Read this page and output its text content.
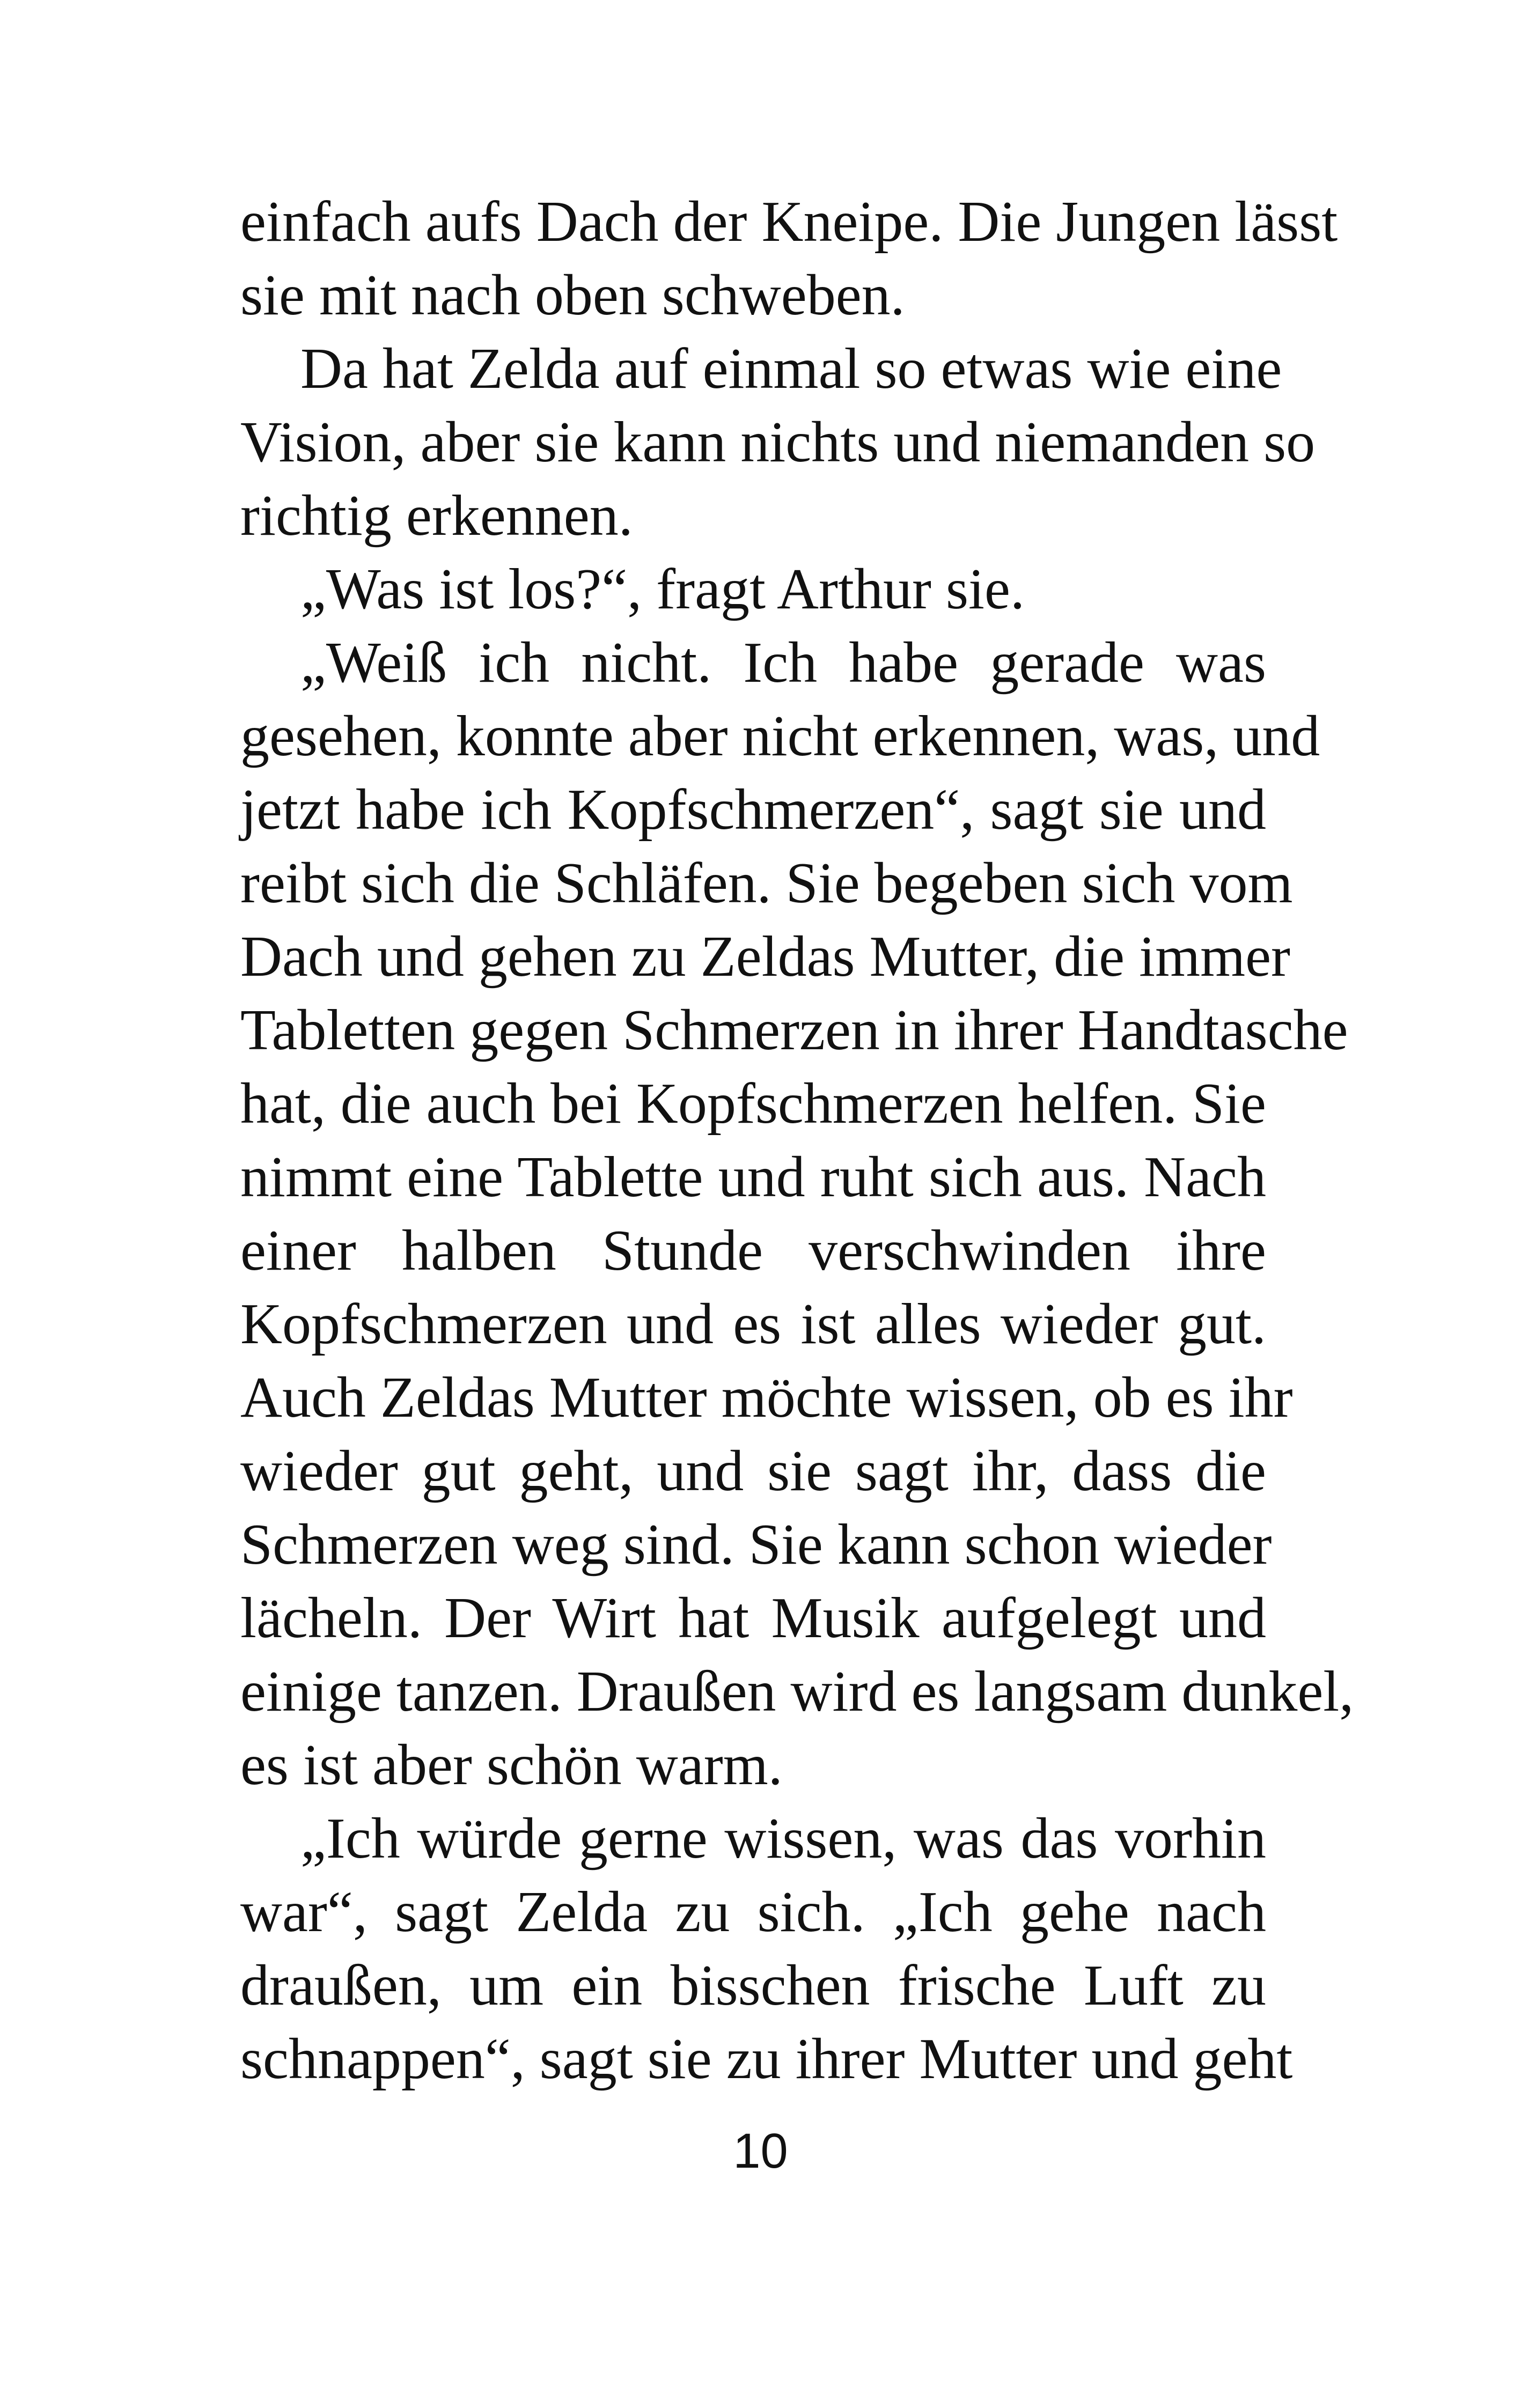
einfach aufs Dach der Kneipe. Die Jungen lässt
sie mit nach oben schweben.
Da hat Zelda auf einmal so etwas wie eine
Vision, aber sie kann nichts und niemanden so
richtig erkennen.
„Was ist los?“, fragt Arthur sie.
„Weiß ich nicht. Ich habe gerade was
gesehen, konnte aber nicht erkennen, was, und
jetzt habe ich Kopfschmerzen“, sagt sie und
reibt sich die Schläfen. Sie begeben sich vom
Dach und gehen zu Zeldas Mutter, die immer
Tabletten gegen Schmerzen in ihrer Handtasche
hat, die auch bei Kopfschmerzen helfen. Sie
nimmt eine Tablette und ruht sich aus. Nach
einer halben Stunde verschwinden ihre
Kopfschmerzen und es ist alles wieder gut.
Auch Zeldas Mutter möchte wissen, ob es ihr
wieder gut geht, und sie sagt ihr, dass die
Schmerzen weg sind. Sie kann schon wieder
lächeln. Der Wirt hat Musik aufgelegt und
einige tanzen. Draußen wird es langsam dunkel,
es ist aber schön warm.
„Ich würde gerne wissen, was das vorhin
war“, sagt Zelda zu sich. „Ich gehe nach
draußen, um ein bisschen frische Luft zu
schnappen“, sagt sie zu ihrer Mutter und geht
10
